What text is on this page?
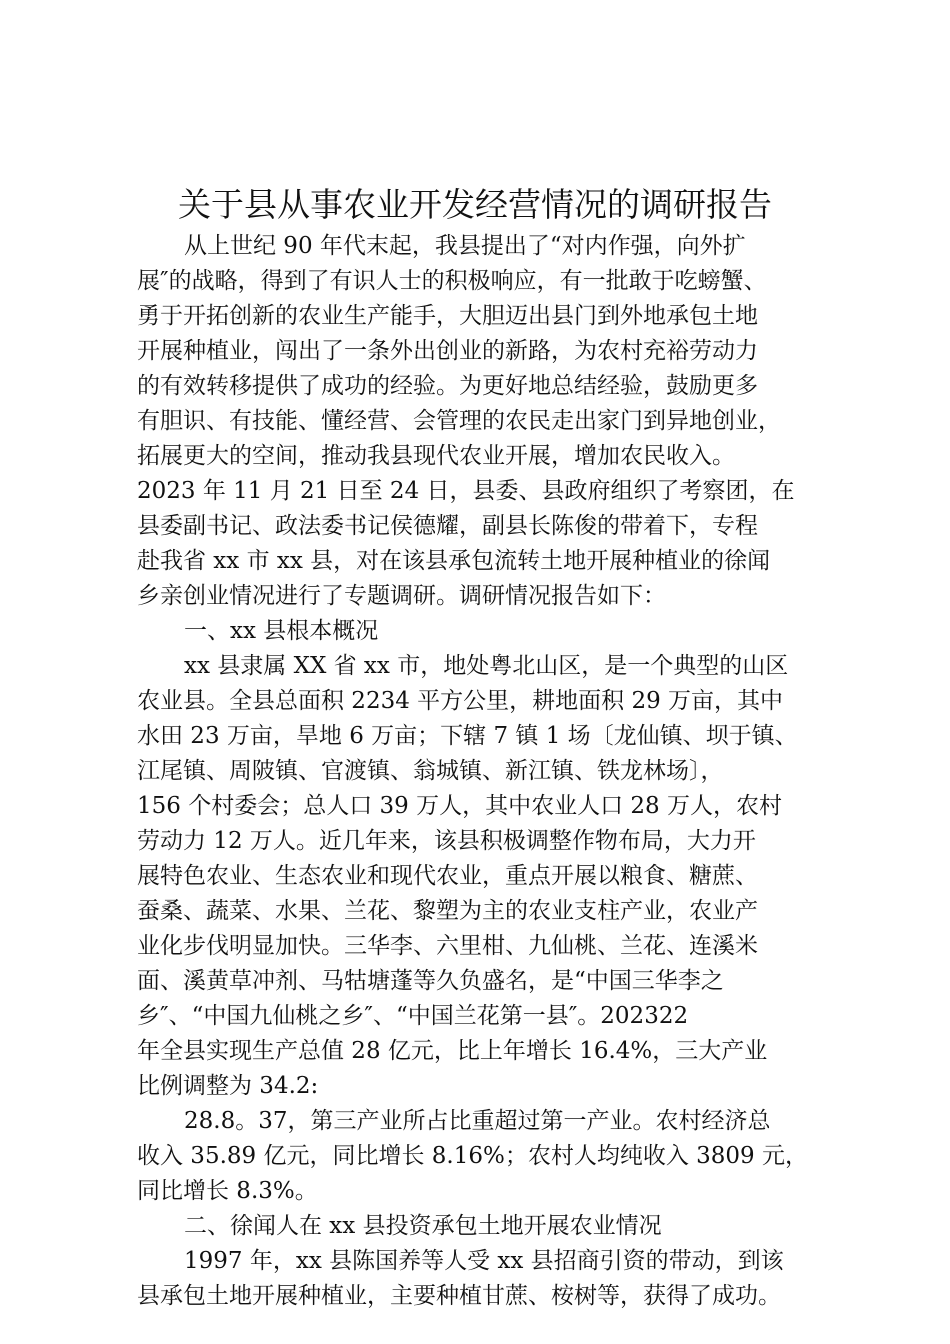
关于县从事农业开发经营情况的调研报告
从上世纪 90 年代末起，我县提出了“对内作强，向外扩
展″的战略，得到了有识人士的积极响应，有一批敢于吃螃蟹、
勇于开拓创新的农业生产能手，大胆迈出县门到外地承包土地
开展种植业，闯出了一条外出创业的新路，为农村充裕劳动力
的有效转移提供了成功的经验。为更好地总结经验，鼓励更多
有胆识、有技能、懂经营、会管理的农民走出家门到异地创业，
拓展更大的空间，推动我县现代农业开展，增加农民收入。
2023 年 11 月 21 日至 24 日，县委、县政府组织了考察团，在
县委副书记、政法委书记侯德耀，副县长陈俊的带着下，专程
赴我省 xx 市 xx 县，对在该县承包流转土地开展种植业的徐闻
乡亲创业情况进行了专题调研。调研情况报告如下：
一、xx 县根本概况
xx 县隶属 XX 省 xx 市，地处粤北山区，是一个典型的山区
农业县。全县总面积 2234 平方公里，耕地面积 29 万亩，其中
水田 23 万亩，旱地 6 万亩；下辖 7 镇 1 场〔龙仙镇、坝于镇、
江尾镇、周陂镇、官渡镇、翁城镇、新江镇、铁龙林场〕，
156 个村委会；总人口 39 万人，其中农业人口 28 万人，农村
劳动力 12 万人。近几年来，该县积极调整作物布局，大力开
展特色农业、生态农业和现代农业，重点开展以粮食、糖蔗、
蚕桑、蔬菜、水果、兰花、黎塑为主的农业支柱产业，农业产
业化步伐明显加快。三华李、六里柑、九仙桃、兰花、连溪米
面、溪黄草冲剂、马牯塘蓬等久负盛名，是“中国三华李之
乡″、“中国九仙桃之乡″、“中国兰花第一县″。202322
年全县实现生产总值 28 亿元，比上年增长 16.4%，三大产业
比例调整为 34.2:
28.8。37，第三产业所占比重超过第一产业。农村经济总
收入 35.89 亿元，同比增长 8.16%；农村人均纯收入 3809 元，
同比增长 8.3%。
二、徐闻人在 xx 县投资承包土地开展农业情况
1997 年，xx 县陈国养等人受 xx 县招商引资的带动，到该
县承包土地开展种植业，主要种植甘蔗、桉树等，获得了成功。
